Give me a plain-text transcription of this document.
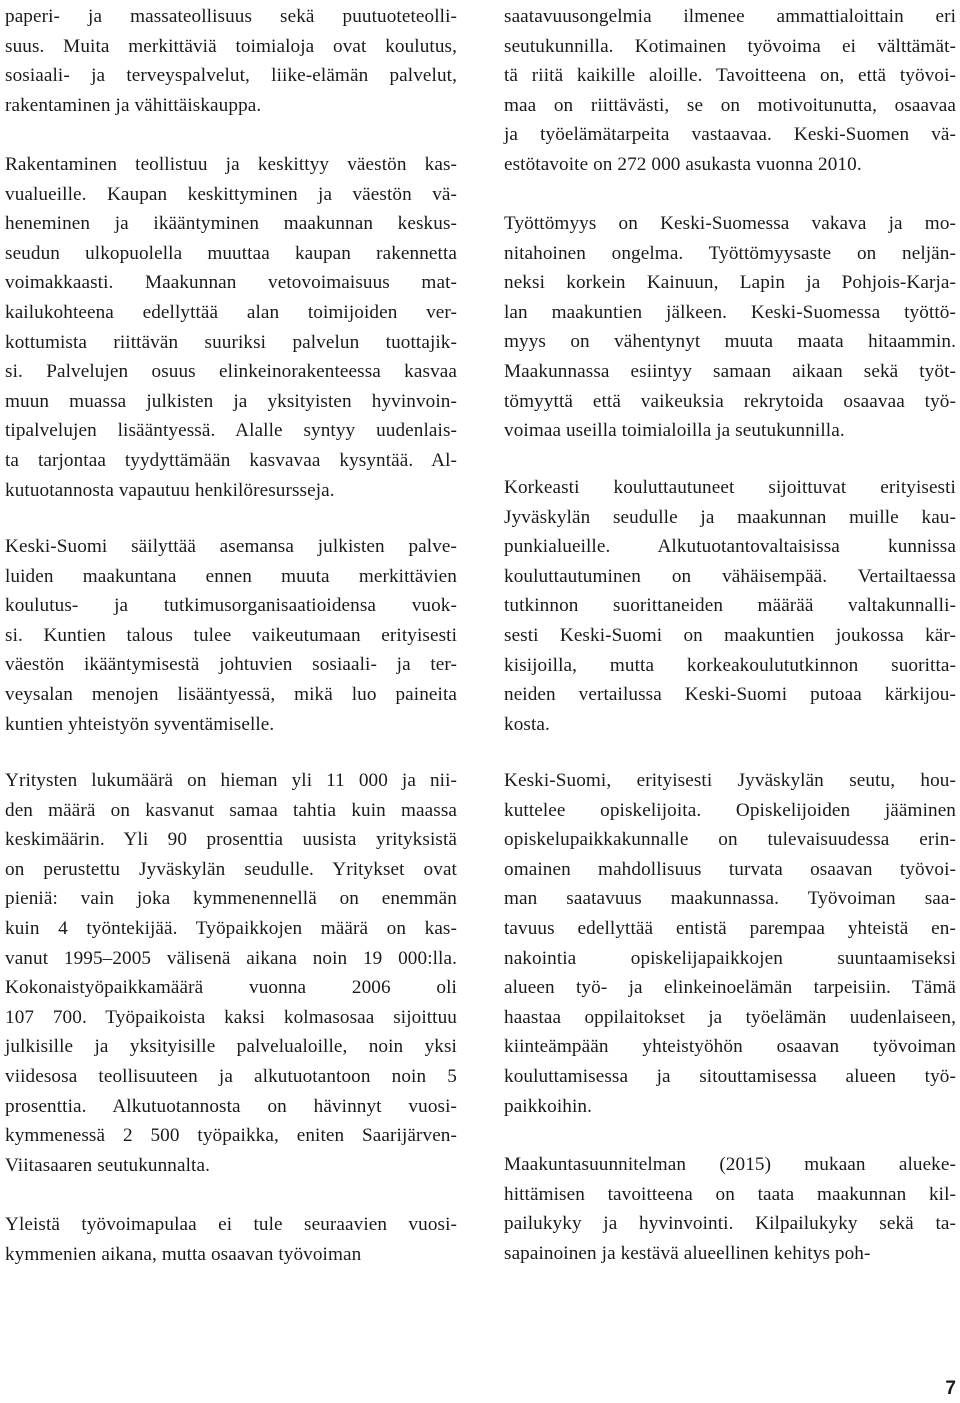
paperi- ja massateollisuus sekä puutuoteteolli-
suus. Muita merkittäviä toimialoja ovat koulutus,
sosiaali- ja terveyspalvelut, liike-elämän palvelut,
rakentaminen ja vähittäiskauppa.

Rakentaminen teollistuu ja keskittyy väestön kas-
vualueille. Kaupan keskittyminen ja väestön vä-
heneminen ja ikääntyminen maakunnan keskus-
seudun ulkopuolella muuttaa kaupan rakennetta
voimakkaasti. Maakunnan vetovoimaisuus mat-
kailukohteena edellyttää alan toimijoiden ver-
kottumista riittävän suuriksi palvelun tuottajik-
si. Palvelujen osuus elinkeinorakenteessa kasvaa
muun muassa julkisten ja yksityisten hyvinvoin-
tipalvelujen lisääntyessä. Alalle syntyy uudenlais-
ta tarjontaa tyydyttämään kasvavaa kysyntää. Al-
kutuotannosta vapautuu henkilöresursseja.

Keski-Suomi säilyttää asemansa julkisten palve-
luiden maakuntana ennen muuta merkittävien
koulutus- ja tutkimusorganisaatioidensa vuok-
si. Kuntien talous tulee vaikeutumaan erityisesti
väestön ikääntymisestä johtuvien sosiaali- ja ter-
veysalan menojen lisääntyessä, mikä luo paineita
kuntien yhteistyön syventämiselle.

Yritysten lukumäärä on hieman yli 11 000 ja nii-
den määrä on kasvanut samaa tahtia kuin maassa
keskimäärin. Yli 90 prosenttia uusista yrityksistä
on perustettu Jyväskylän seudulle. Yritykset ovat
pieniä: vain joka kymmenennellä on enemmän
kuin 4 työntekijää. Työpaikkojen määrä on kas-
vanut 1995–2005 välisenä aikana noin 19 000:lla.
Kokonaistyöpaikkamäärä vuonna 2006 oli
107 700. Työpaikoista kaksi kolmasosaa sijoittuu
julkisille ja yksityisille palvelualoille, noin yksi
viidesosa teollisuuteen ja alkutuotantoon noin 5
prosenttia. Alkutuotannosta on hävinnyt vuosi-
kymmenessä 2 500 työpaikka, eniten Saarijärven-
Viitasaaren seutukunnalta.

Yleistä työvoimapulaa ei tule seuraavien vuosi-
kymmenien aikana, mutta osaavan työvoiman

saatavuusongelmia ilmenee ammattialoittain eri
seutukunnilla. Kotimainen työvoima ei välttämät-
tä riitä kaikille aloille. Tavoitteena on, että työvoi-
maa on riittävästi, se on motivoitunutta, osaavaa
ja työelämätarpeita vastaavaa. Keski-Suomen vä-
estötavoite on 272 000 asukasta vuonna 2010.

Työttömyys on Keski-Suomessa vakava ja mo-
nitahoinen ongelma. Työttömyysaste on neljän-
neksi korkein Kainuun, Lapin ja Pohjois-Karja-
lan maakuntien jälkeen. Keski-Suomessa työttö-
myys on vähentynyt muuta maata hitaammin.
Maakunnassa esiintyy samaan aikaan sekä työt-
tömyyttä että vaikeuksia rekrytoida osaavaa työ-
voimaa useilla toimialoilla ja seutukunnilla.

Korkeasti kouluttautuneet sijoittuvat erityisesti
Jyväskylän seudulle ja maakunnan muille kau-
punkialueille. Alkutuotantovaltaisissa kunnissa
kouluttautuminen on vähäisempää. Vertailtaessa
tutkinnon suorittaneiden määrää valtakunnalli-
sesti Keski-Suomi on maakuntien joukossa kär-
kisijoilla, mutta korkeakoulututkinnon suoritta-
neiden vertailussa Keski-Suomi putoaa kärkijou-
kosta.

Keski-Suomi, erityisesti Jyväskylän seutu, hou-
kuttelee opiskelijoita. Opiskelijoiden jääminen
opiskelupaikkakunnalle on tulevaisuudessa erin-
omainen mahdollisuus turvata osaavan työvoi-
man saatavuus maakunnassa. Työvoiman saa-
tavuus edellyttää entistä parempaa yhteistä en-
nakointia opiskelijapaikkojen suuntaamiseksi
alueen työ- ja elinkeinoelämän tarpeisiin. Tämä
haastaa oppilaitokset ja työelämän uudenlaiseen,
kiinteämpään yhteistyöhön osaavan työvoiman
kouluttamisessa ja sitouttamisessa alueen työ-
paikkoihin.

Maakuntasuunnitelman (2015) mukaan alueke-
hittämisen tavoitteena on taata maakunnan kil-
pailukyky ja hyvinvointi. Kilpailukyky sekä ta-
sapainoinen ja kestävä alueellinen kehitys poh-

7
